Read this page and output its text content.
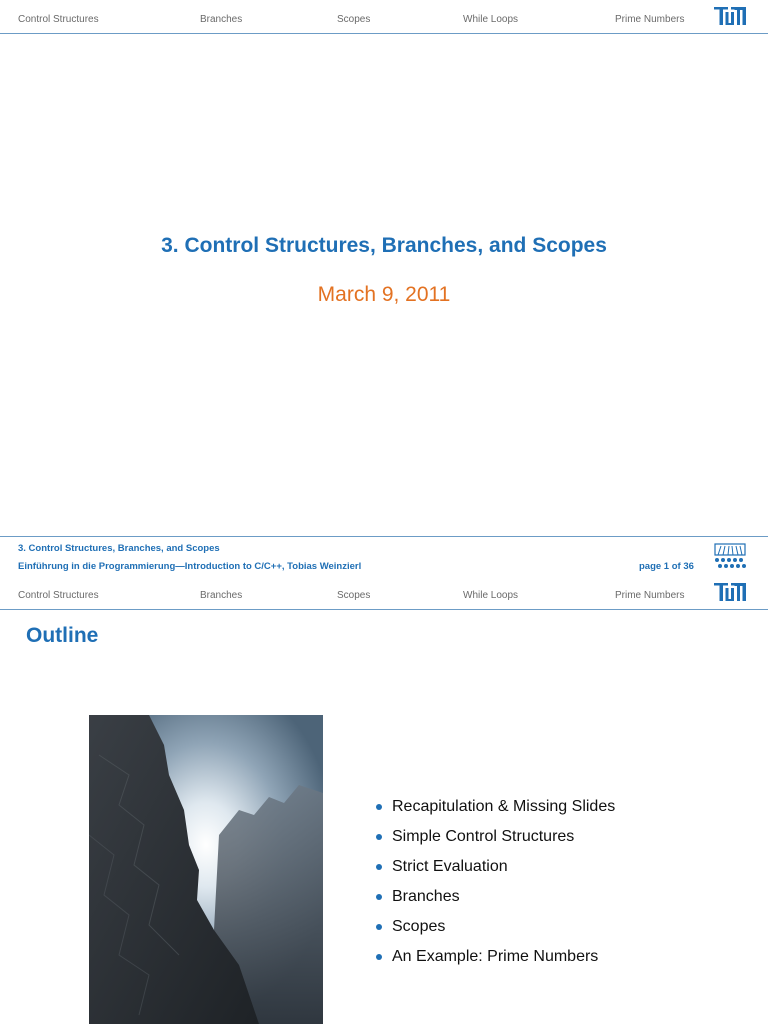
Control Structures	Branches	Scopes	While Loops	Prime Numbers
3. Control Structures, Branches, and Scopes
March 9, 2011
3. Control Structures, Branches, and Scopes
Einführung in die Programmierung—Introduction to C/C++, Tobias Weinzierl	page 1 of 36
Control Structures	Branches	Scopes	While Loops	Prime Numbers
Outline
Recapitulation & Missing Slides
Simple Control Structures
Strict Evaluation
Branches
Scopes
An Example: Prime Numbers
